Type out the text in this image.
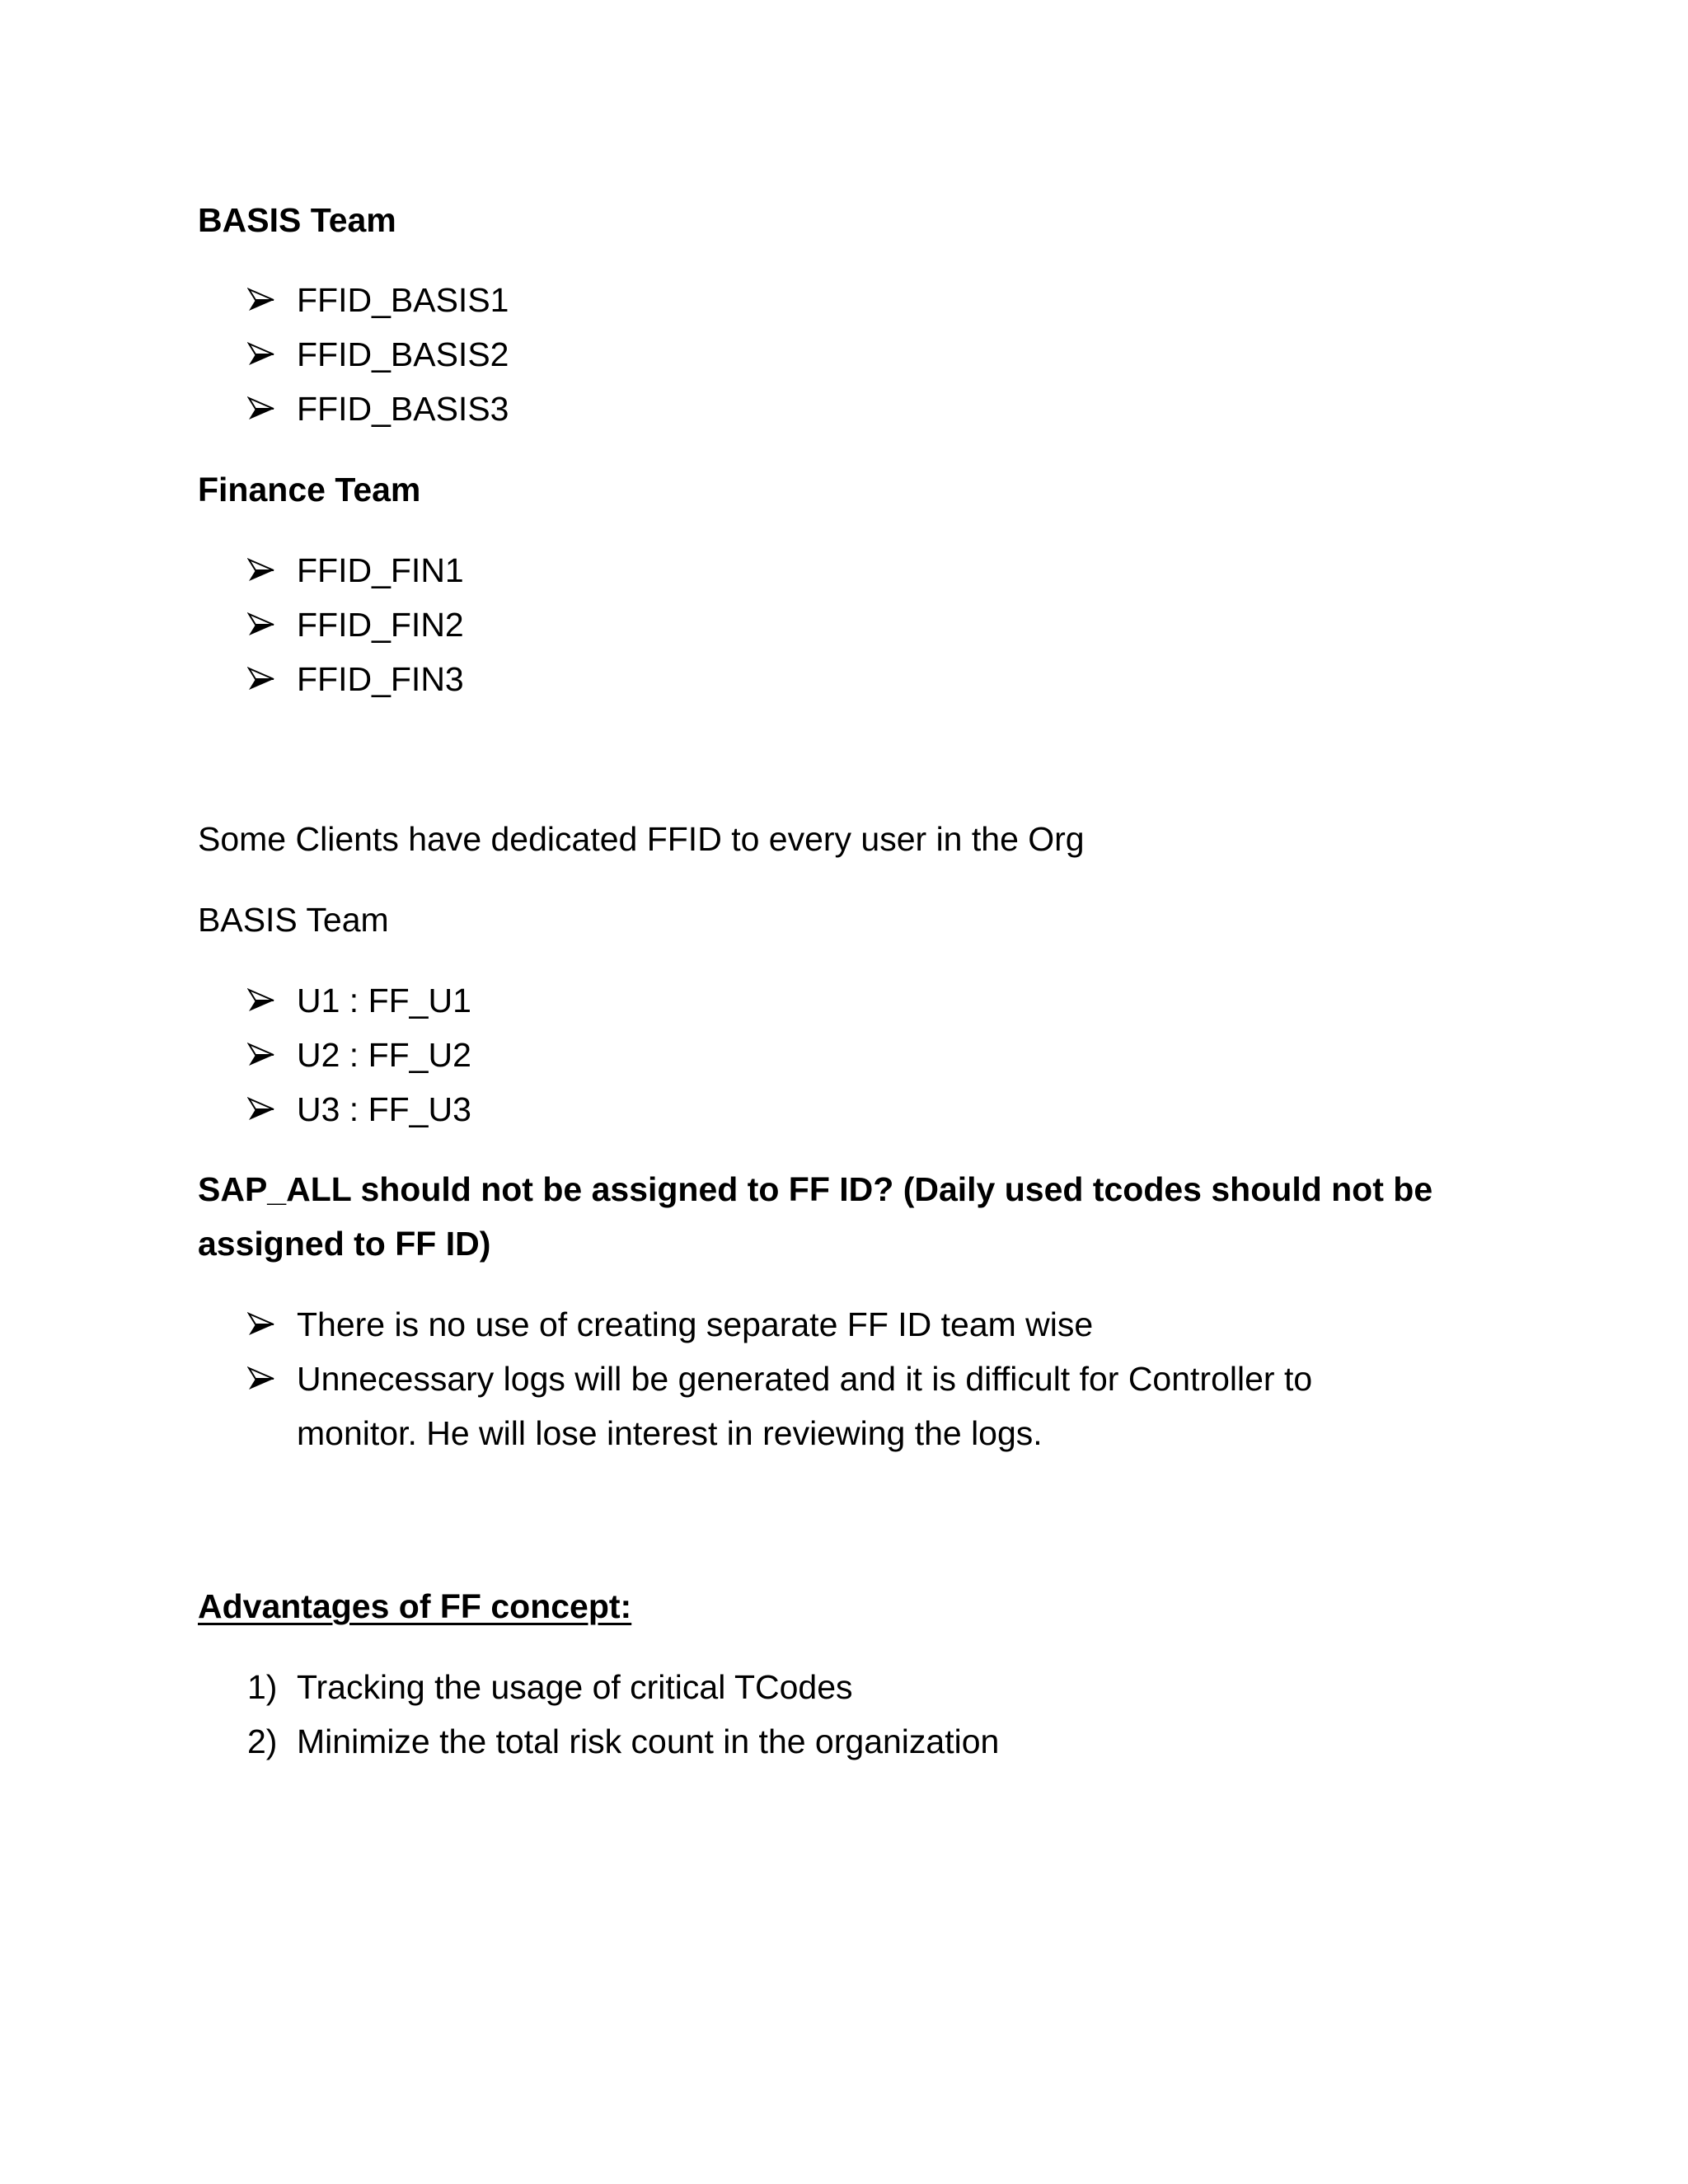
BASIS Team
FFID_BASIS1
FFID_BASIS2
FFID_BASIS3
Finance Team
FFID_FIN1
FFID_FIN2
FFID_FIN3
Some Clients have dedicated FFID to every user in the Org
BASIS Team
U1 : FF_U1
U2 : FF_U2
U3 : FF_U3
SAP_ALL should not be assigned to FF ID? (Daily used tcodes should not be
assigned to FF ID)
There is no use of creating separate FF ID team wise
Unnecessary logs will be generated and it is difficult for Controller to monitor. He will lose interest in reviewing the logs.
Advantages of FF concept:
1) Tracking the usage of critical TCodes
2) Minimize the total risk count in the organization
